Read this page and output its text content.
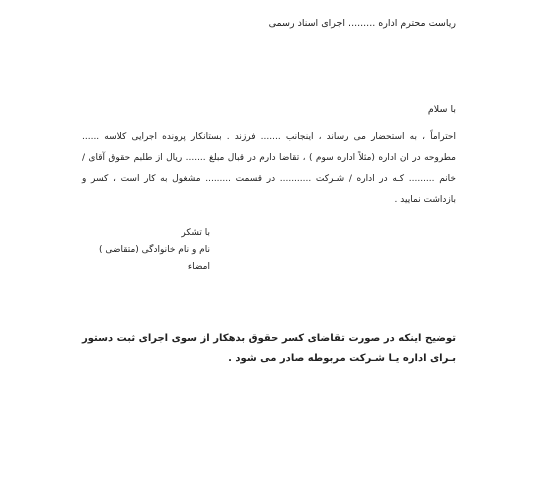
ریاست محترم اداره ......... اجرای اسناد رسمی
با سلام
احتراماً ، به استحضار می رساند ، اینجانب ....... فرزند . بستانکار پرونده اجرایی کلاسه ...... مطروحه در ان اداره (مثلاً اداره سوم ) ، تقاضا دارم در قبال مبلغ ....... ریال از طلبم حقوق آقای / خانم ......... کـه در اداره / شـرکت ........... در قسمت ......... مشغول به کار است ، کسر و بازداشت نمایید .
با تشکر
نام و نام خانوادگی (متقاضی )
امضاء
توضیح اینکه در صورت تقاضای کسر حقوق بدهکار از سوی اجرای ثبت دستور بـرای اداره یـا شـرکت مربوطه صادر می شود .
